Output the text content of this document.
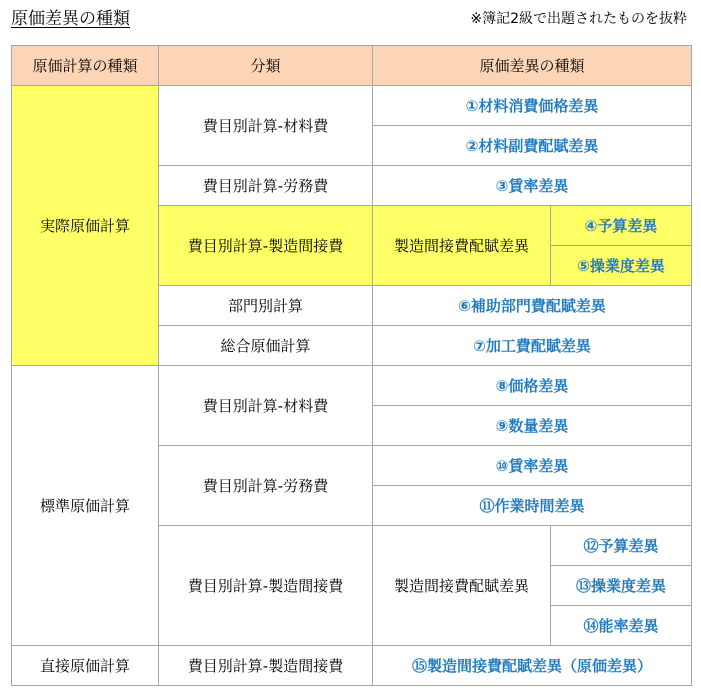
原価差異の種類	※簿記2級で出題されたものを抜粋
原価計算の種類	分類	原価差異の種類	
実際原価計算	費目別計算-材料費	①材料消費価格差異	
		②材料副費配賦差異	
	費目別計算-労務費	③賃率差異	
	費目別計算-製造間接費	製造間接費配賦差異	④予算差異
			⑤操業度差異
	部門別計算	⑥補助部門費配賦差異	
	総合原価計算	⑦加工費配賦差異	
標準原価計算	費目別計算-材料費	⑧価格差異	
		⑨数量差異	
	費目別計算-労務費	⑩賃率差異	
		⑪作業時間差異	
	費目別計算-製造間接費	製造間接費配賦差異	⑫予算差異
			⑬操業度差異
			⑭能率差異
直接原価計算	費目別計算-製造間接費	⑮製造間接費配賦差異（原価差異）	
